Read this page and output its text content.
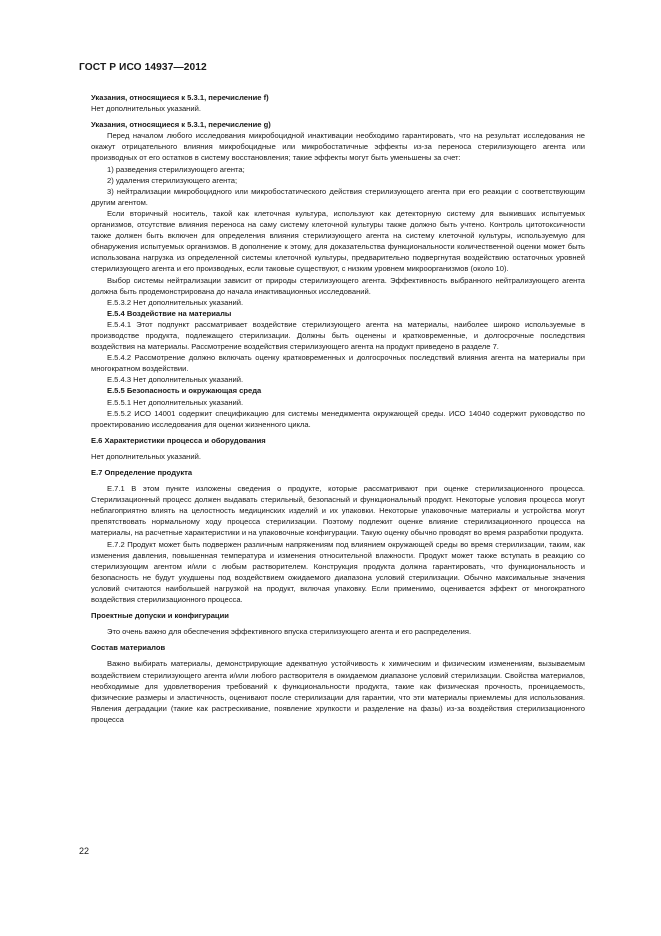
ГОСТ Р ИСО 14937—2012

Указания, относящиеся к 5.3.1, перечисление f)

Нет дополнительных указаний.

Указания, относящиеся к 5.3.1, перечисление g)

Перед началом любого исследования микробоцидной инактивации необходимо гарантировать, что на результат исследования не окажут отрицательного влияния микробоцидные или микробостатичные эффекты из-за переноса стерилизующего агента или производных от его остатков в систему восстановления; такие эффекты могут быть уменьшены за счет:

1) разведения стерилизующего агента;

2) удаления стерилизующего агента;

3) нейтрализации микробоцидного или микробостатического действия стерилизующего агента при его реакции с соответствующим другим агентом.

Если вторичный носитель, такой как клеточная культура, используют как детекторную систему для выживших испытуемых организмов, отсутствие влияния переноса на саму систему клеточной культуры также должно быть учтено. Контроль цитотоксичности также должен быть включен для определения влияния стерилизующего агента на систему клеточной культуры, используемую для обнаружения испытуемых организмов. В дополнение к этому, для доказательства функциональности количественной оценки может быть использована нагрузка из определенной системы клеточной культуры, предварительно подвергнутая воздействию остаточных уровней стерилизующего агента и его производных, если таковые существуют, с низким уровнем микроорганизмов (около 10).

Выбор системы нейтрализации зависит от природы стерилизующего агента. Эффективность выбранного нейтрализующего агента должна быть продемонстрирована до начала инактивационных исследований.

Е.5.3.2 Нет дополнительных указаний.

Е.5.4 Воздействие на материалы

Е.5.4.1 Этот подпункт рассматривает воздействие стерилизующего агента на материалы, наиболее широко используемые в производстве продукта, подлежащего стерилизации. Должны быть оценены и кратковременные, и долгосрочные последствия воздействия на материалы. Рассмотрение воздействия стерилизующего агента на продукт приведено в разделе 7.

Е.5.4.2 Рассмотрение должно включать оценку кратковременных и долгосрочных последствий влияния агента на материалы при многократном воздействии.

Е.5.4.3 Нет дополнительных указаний.

Е.5.5 Безопасность и окружающая среда

Е.5.5.1 Нет дополнительных указаний.

Е.5.5.2 ИСО 14001 содержит спецификацию для системы менеджмента окружающей среды. ИСО 14040 содержит руководство по проектированию исследования для оценки жизненного цикла.

Е.6 Характеристики процесса и оборудования

Нет дополнительных указаний.

Е.7 Определение продукта

Е.7.1 В этом пункте изложены сведения о продукте, которые рассматривают при оценке стерилизационного процесса. Стерилизационный процесс должен выдавать стерильный, безопасный и функциональный продукт. Некоторые условия процесса могут неблагоприятно влиять на целостность медицинских изделий и их упаковки. Некоторые упаковочные материалы и устройства могут препятствовать нормальному ходу процесса стерилизации. Поэтому подлежит оценке влияние стерилизационного процесса на материалы, на расчетные характеристики и на упаковочные конфигурации. Такую оценку обычно проводят во время разработки продукта.

Е.7.2 Продукт может быть подвержен различным напряжениям под влиянием окружающей среды во время стерилизации, таким, как изменения давления, повышенная температура и изменения относительной влажности. Продукт может также вступать в реакцию со стерилизующим агентом и/или с любым растворителем. Конструкция продукта должна гарантировать, что функциональность и безопасность не будут ухудшены под воздействием ожидаемого диапазона условий стерилизации. Обычно максимальные значения условий считаются наибольшей нагрузкой на продукт, включая упаковку. Если применимо, оценивается эффект от многократного воздействия стерилизационного процесса.

Проектные допуски и конфигурации

Это очень важно для обеспечения эффективного впуска стерилизующего агента и его распределения.

Состав материалов

Важно выбирать материалы, демонстрирующие адекватную устойчивость к химическим и физическим изменениям, вызываемым воздействием стерилизующего агента и/или любого растворителя в ожидаемом диапазоне условий стерилизации. Свойства материалов, необходимые для удовлетворения требований к функциональности продукта, такие как физическая прочность, проницаемость, физические размеры и эластичность, оценивают после стерилизации для гарантии, что эти материалы приемлемы для использования. Явления деградации (такие как растрескивание, появление хрупкости и разделение на фазы) из-за воздействия стерилизационного процесса

22
